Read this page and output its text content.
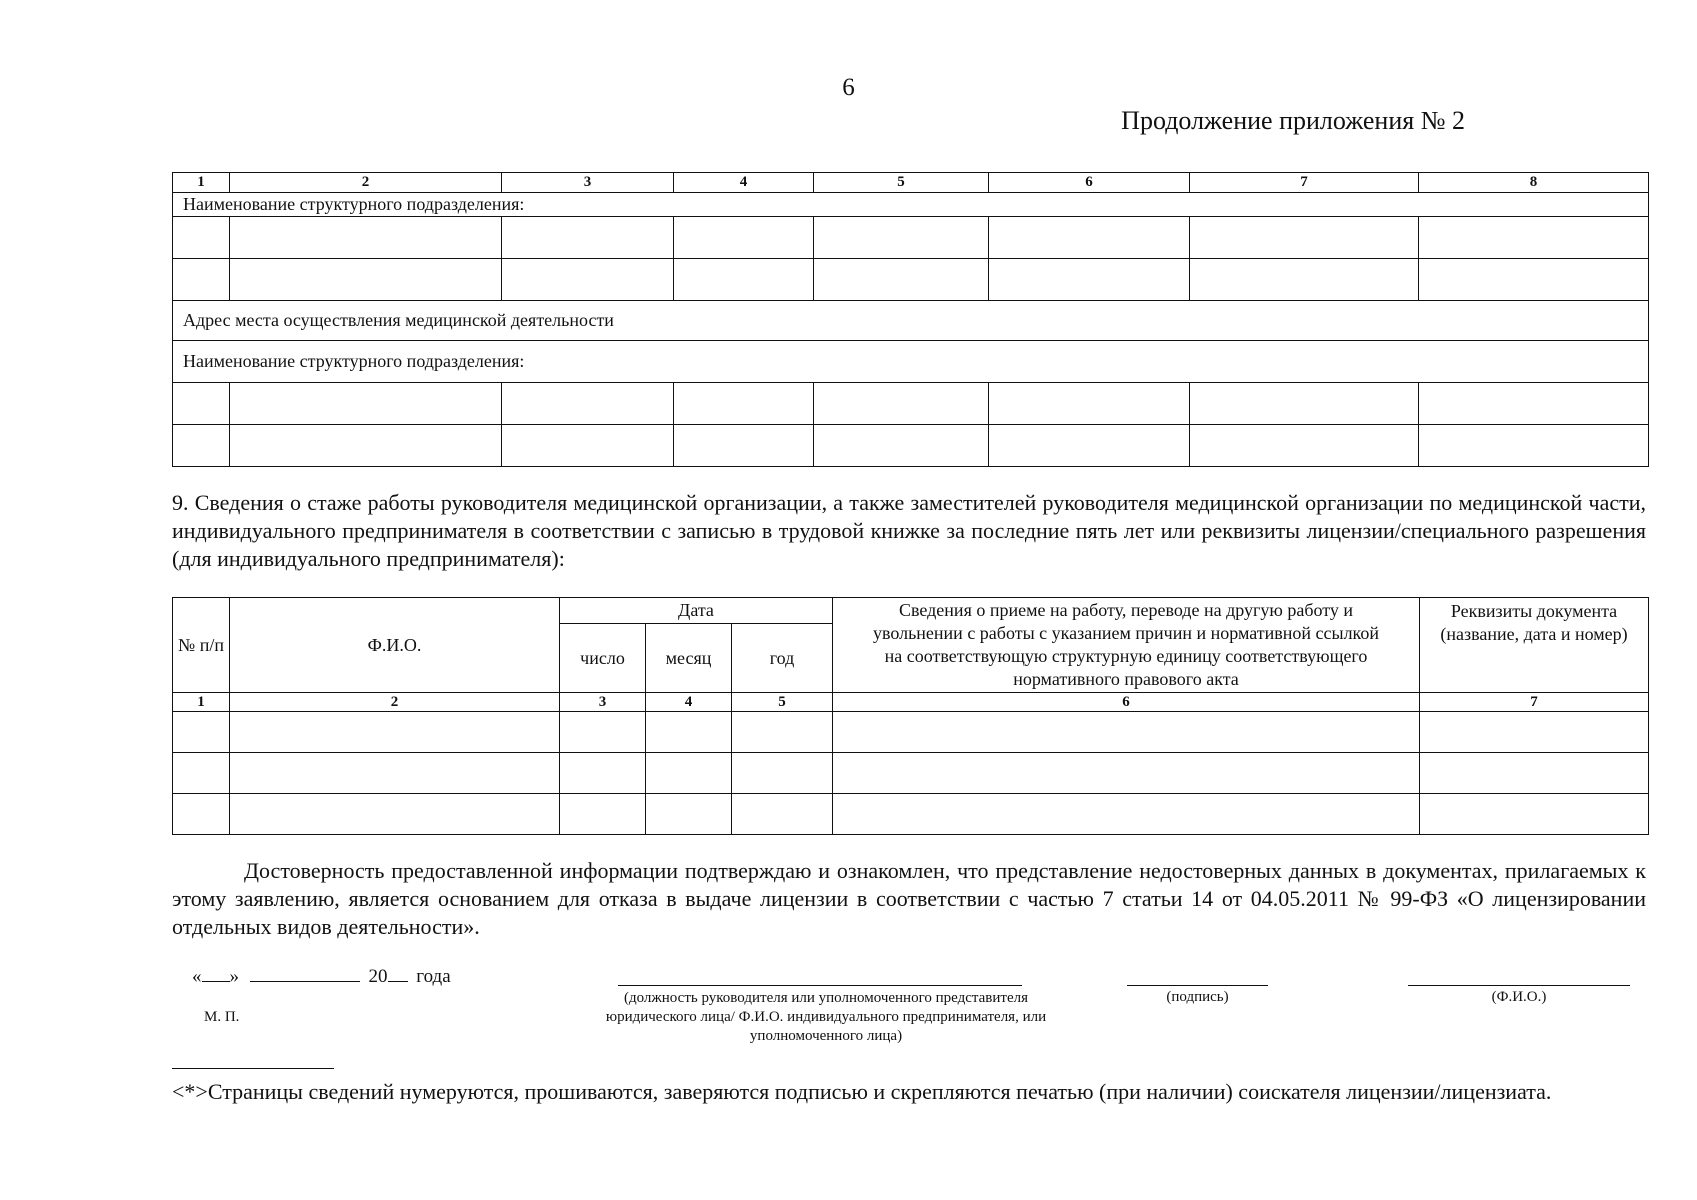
6
Продолжение приложения № 2
1	2	3	4	5	6	7	8
Наименование структурного подразделения:							

Адрес места осуществления медицинской деятельности							
Наименование структурного подразделения:							

9. Сведения о стаже работы руководителя медицинской организации, а также заместителей руководителя медицинской организации по медицинской части, индивидуального предпринимателя в соответствии с записью в трудовой книжке за последние пять лет или реквизиты лицензии/специального разрешения (для индивидуального предпринимателя):
№ п/п	Ф.И.О.	Дата			Сведения о приеме на работу, переводе на другую работу и увольнении с работы с указанием причин и нормативной ссылкой на соответствующую структурную единицу соответствующего нормативного правового акта	Реквизиты документа (название, дата и номер)
		число	месяц	год		
1	2	3	4	5	6	7

Достоверность предоставленной информации подтверждаю и ознакомлен, что представление недостоверных данных в документах, прилагаемых к этому заявлению, является основанием для отказа в выдаче лицензии в соответствии с частью 7 статьи 14 от 04.05.2011 № 99-ФЗ «О лицензировании отдельных видов деятельности».
« »	20 года
М. П.
(должность руководителя или уполномоченного представителя юридического лица/ Ф.И.О. индивидуального предпринимателя, или уполномоченного лица)
(подпись)	(Ф.И.О.)
<*>Страницы сведений нумеруются, прошиваются, заверяются подписью и скрепляются печатью (при наличии) соискателя лицензии/лицензиата.
